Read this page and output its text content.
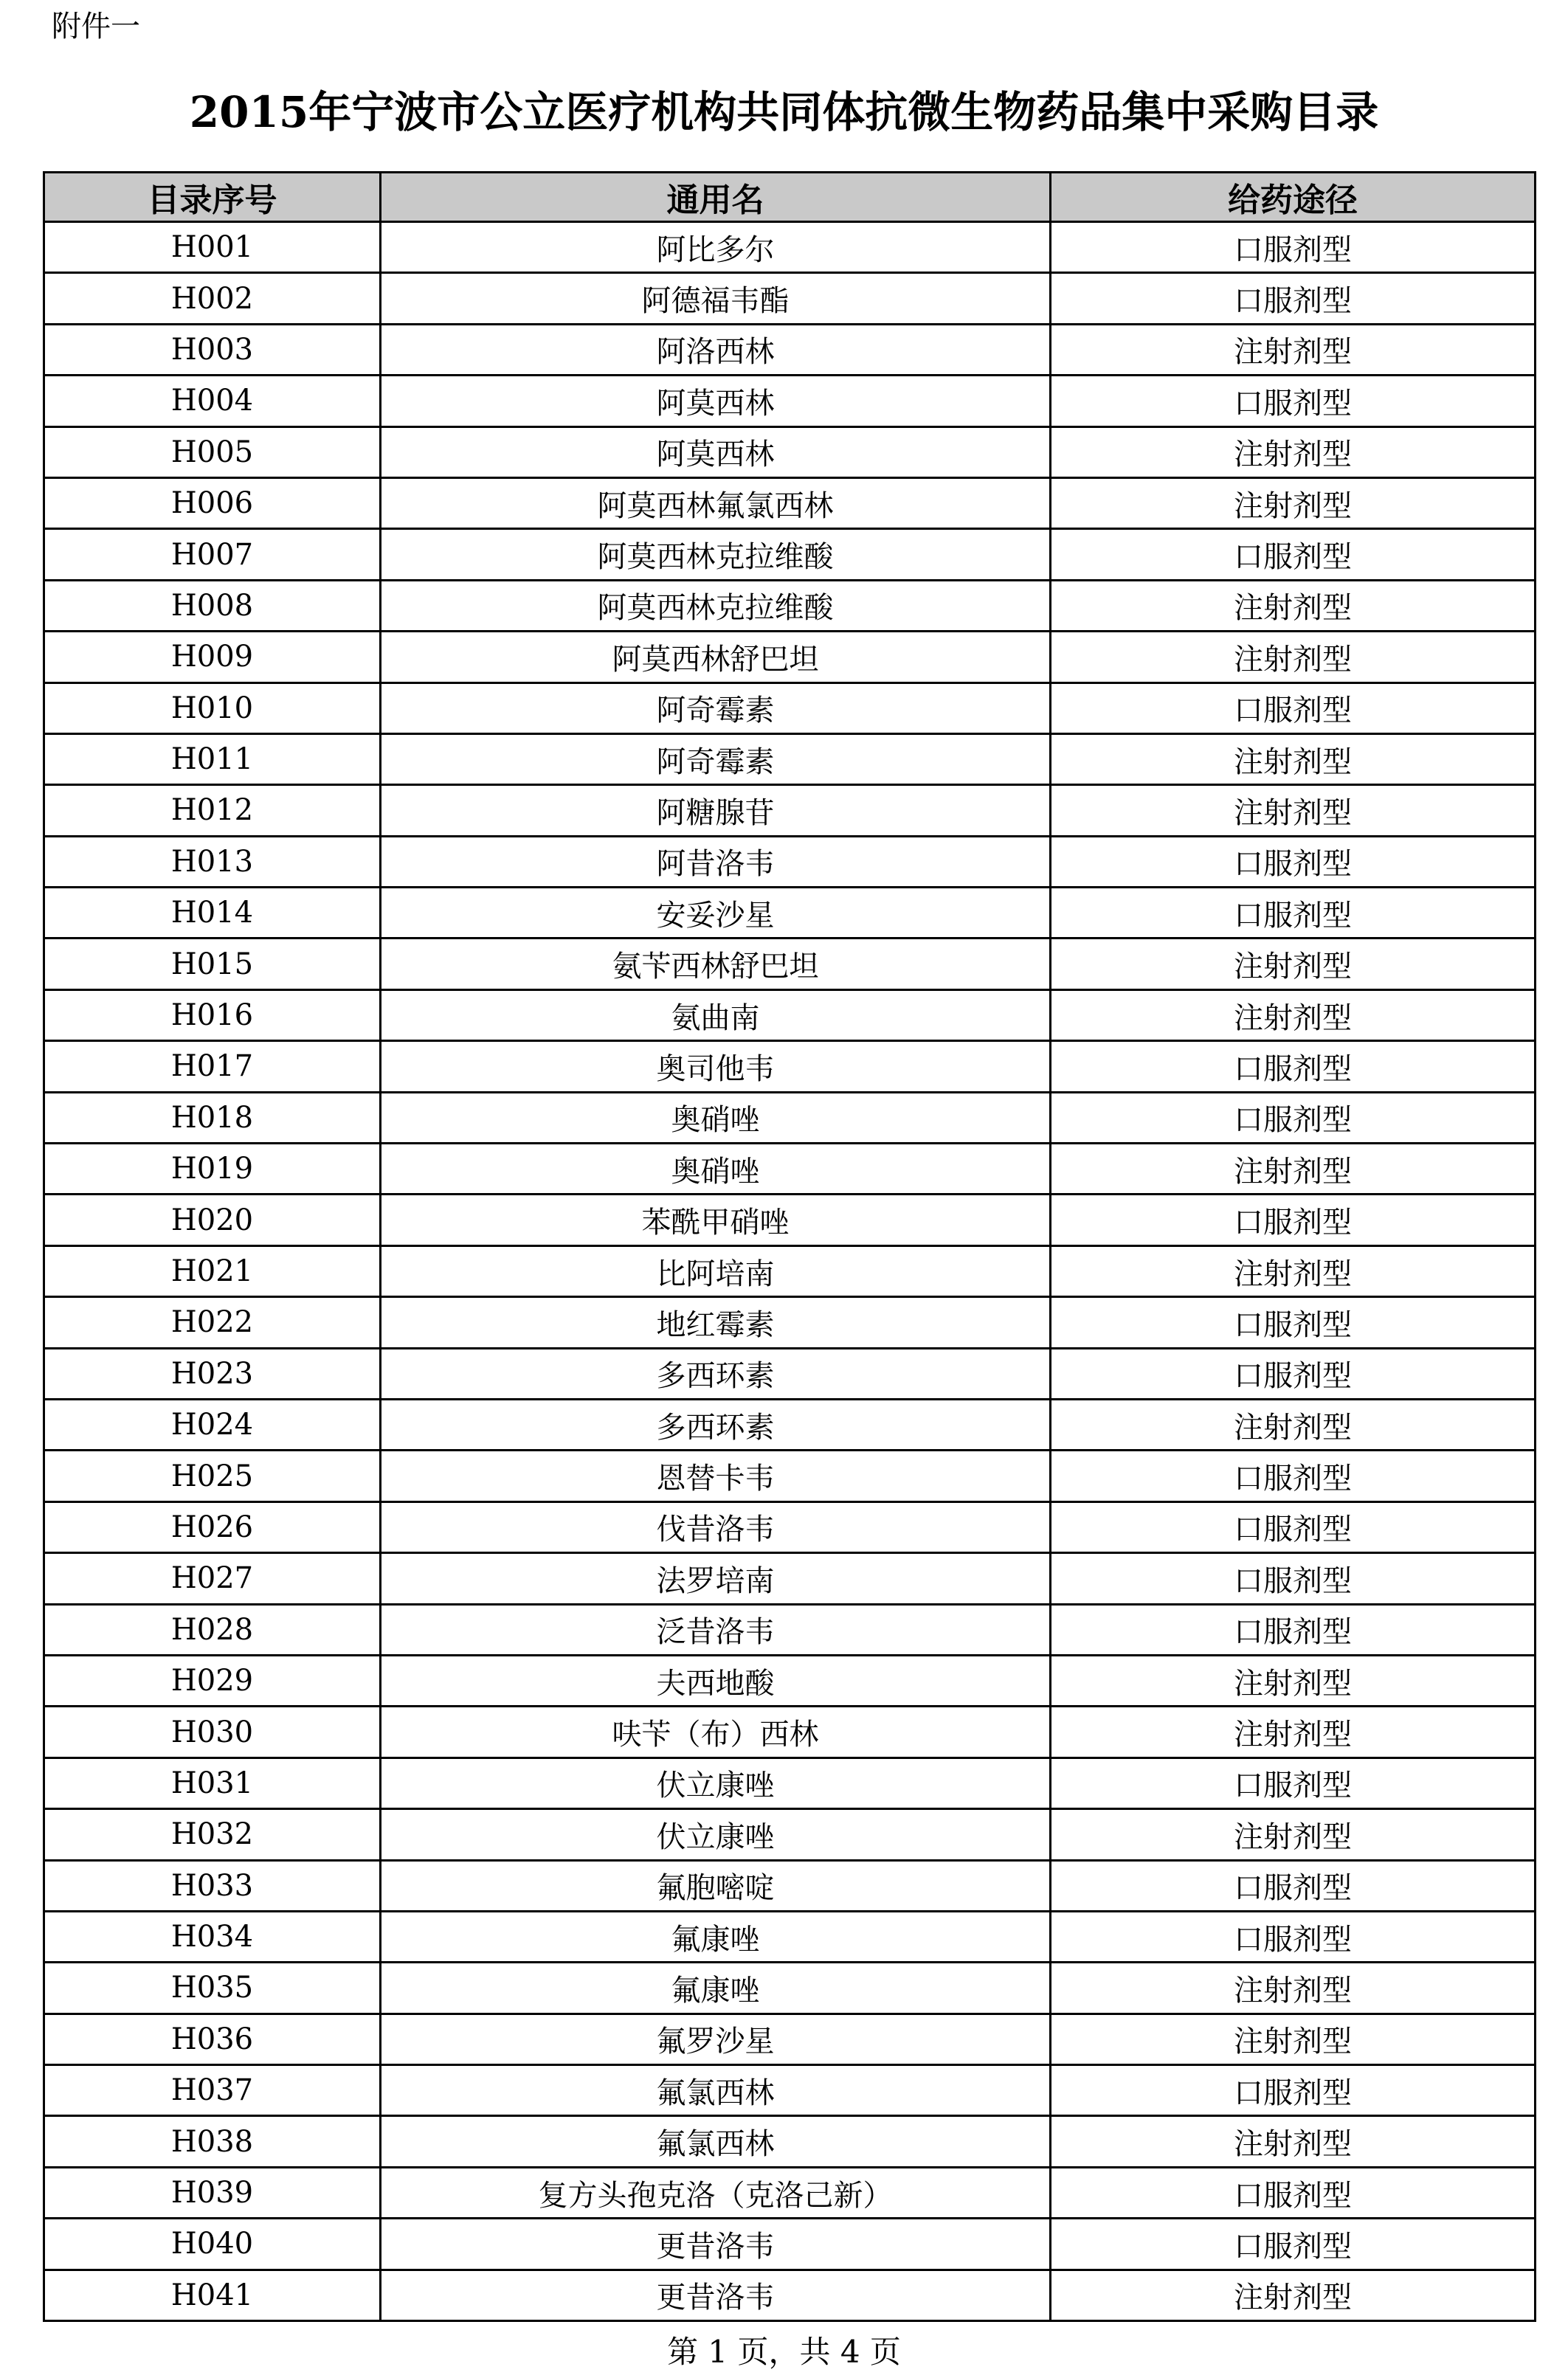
附件一
2015年宁波市公立医疗机构共同体抗微生物药品集中采购目录
目录序号	通用名	给药途径
H001	阿比多尔	口服剂型
H002	阿德福韦酯	口服剂型
H003	阿洛西林	注射剂型
H004	阿莫西林	口服剂型
H005	阿莫西林	注射剂型
H006	阿莫西林氟氯西林	注射剂型
H007	阿莫西林克拉维酸	口服剂型
H008	阿莫西林克拉维酸	注射剂型
H009	阿莫西林舒巴坦	注射剂型
H010	阿奇霉素	口服剂型
H011	阿奇霉素	注射剂型
H012	阿糖腺苷	注射剂型
H013	阿昔洛韦	口服剂型
H014	安妥沙星	口服剂型
H015	氨苄西林舒巴坦	注射剂型
H016	氨曲南	注射剂型
H017	奥司他韦	口服剂型
H018	奥硝唑	口服剂型
H019	奥硝唑	注射剂型
H020	苯酰甲硝唑	口服剂型
H021	比阿培南	注射剂型
H022	地红霉素	口服剂型
H023	多西环素	口服剂型
H024	多西环素	注射剂型
H025	恩替卡韦	口服剂型
H026	伐昔洛韦	口服剂型
H027	法罗培南	口服剂型
H028	泛昔洛韦	口服剂型
H029	夫西地酸	注射剂型
H030	呋苄（布）西林	注射剂型
H031	伏立康唑	口服剂型
H032	伏立康唑	注射剂型
H033	氟胞嘧啶	口服剂型
H034	氟康唑	口服剂型
H035	氟康唑	注射剂型
H036	氟罗沙星	注射剂型
H037	氟氯西林	口服剂型
H038	氟氯西林	注射剂型
H039	复方头孢克洛（克洛己新）	口服剂型
H040	更昔洛韦	口服剂型
H041	更昔洛韦	注射剂型
第 1 页，共 4 页
